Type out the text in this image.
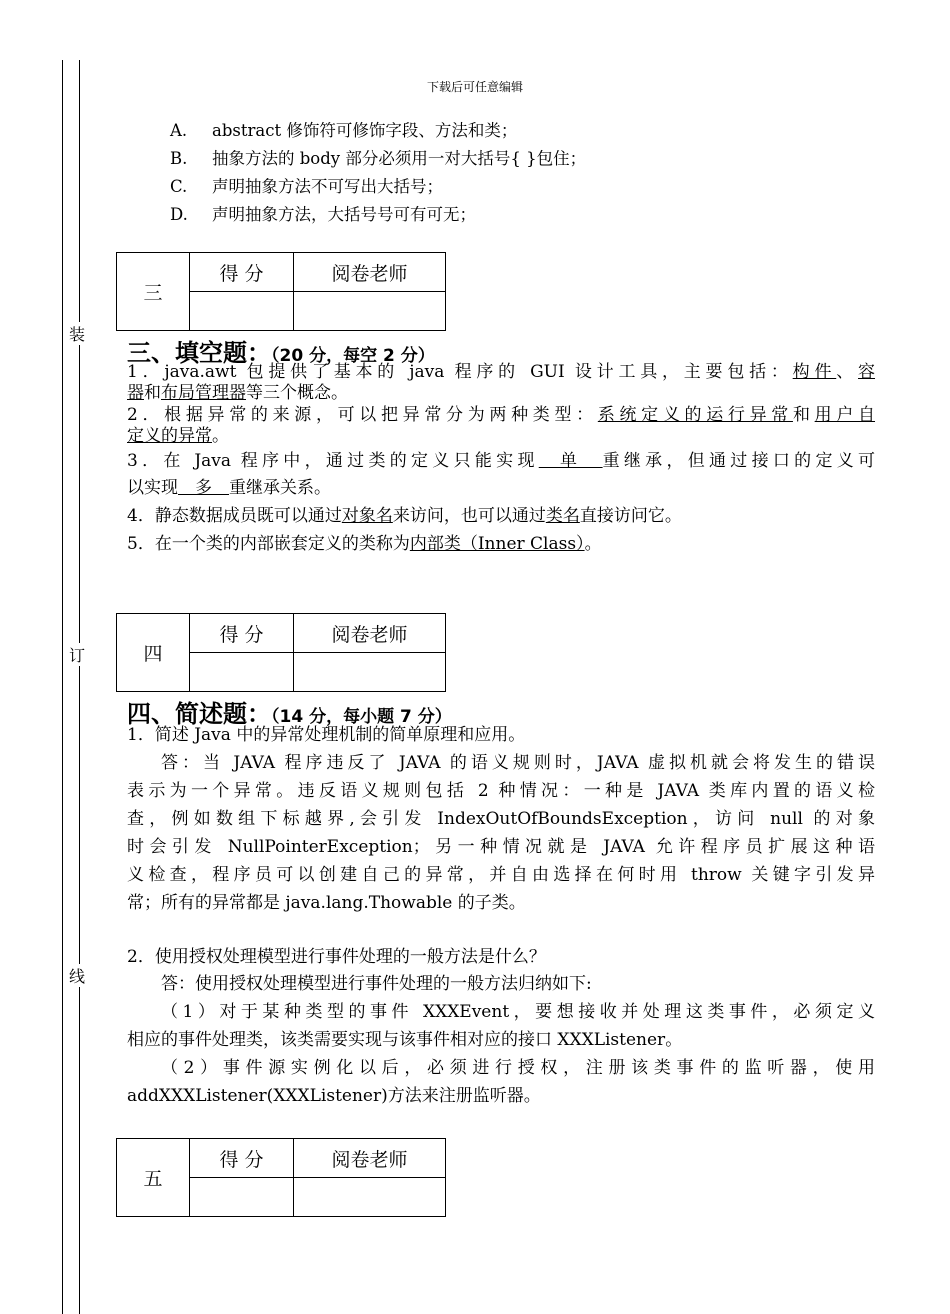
装
订
线
下载后可任意编辑
A. abstract 修饰符可修饰字段、方法和类；
B. 抽象方法的 body 部分必须用一对大括号{ }包住；
C. 声明抽象方法不可写出大括号；
D. 声明抽象方法，大括号号可有可无；
三	得 分	阅卷老师

三、填空题：（20 分，每空 2 分）
1．java.awt 包提供了基本的 java 程序的 GUI 设计工具，主要包括：构件、容
器和布局管理器等三个概念。
2．根据异常的来源，可以把异常分为两种类型：系统定义的运行异常和用户自
定义的异常。
3．在 Java 程序中，通过类的定义只能实现　单　重继承，但通过接口的定义可
以实现　多　重继承关系。
4．静态数据成员既可以通过对象名来访问，也可以通过类名直接访问它。
5．在一个类的内部嵌套定义的类称为内部类（Inner Class）。
四	得 分	阅卷老师

四、简述题：（14 分，每小题 7 分）
1．简述 Java 中的异常处理机制的简单原理和应用。
答：当 JAVA 程序违反了 JAVA 的语义规则时，JAVA 虚拟机就会将发生的错误
表示为一个异常。违反语义规则包括 2 种情况：一种是 JAVA 类库内置的语义检
查，例如数组下标越界,会引发 IndexOutOfBoundsException，访问 null 的对象
时会引发 NullPointerException；另一种情况就是 JAVA 允许程序员扩展这种语
义检查，程序员可以创建自己的异常，并自由选择在何时用 throw 关键字引发异
常；所有的异常都是 java.lang.Thowable 的子类。
2．使用授权处理模型进行事件处理的一般方法是什么？
答：使用授权处理模型进行事件处理的一般方法归纳如下:
（1）对于某种类型的事件 XXXEvent，要想接收并处理这类事件，必须定义
相应的事件处理类，该类需要实现与该事件相对应的接口 XXXListener。
（2）事件源实例化以后，必须进行授权，注册该类事件的监听器，使用
addXXXListener(XXXListener)方法来注册监听器。
五	得 分	阅卷老师
